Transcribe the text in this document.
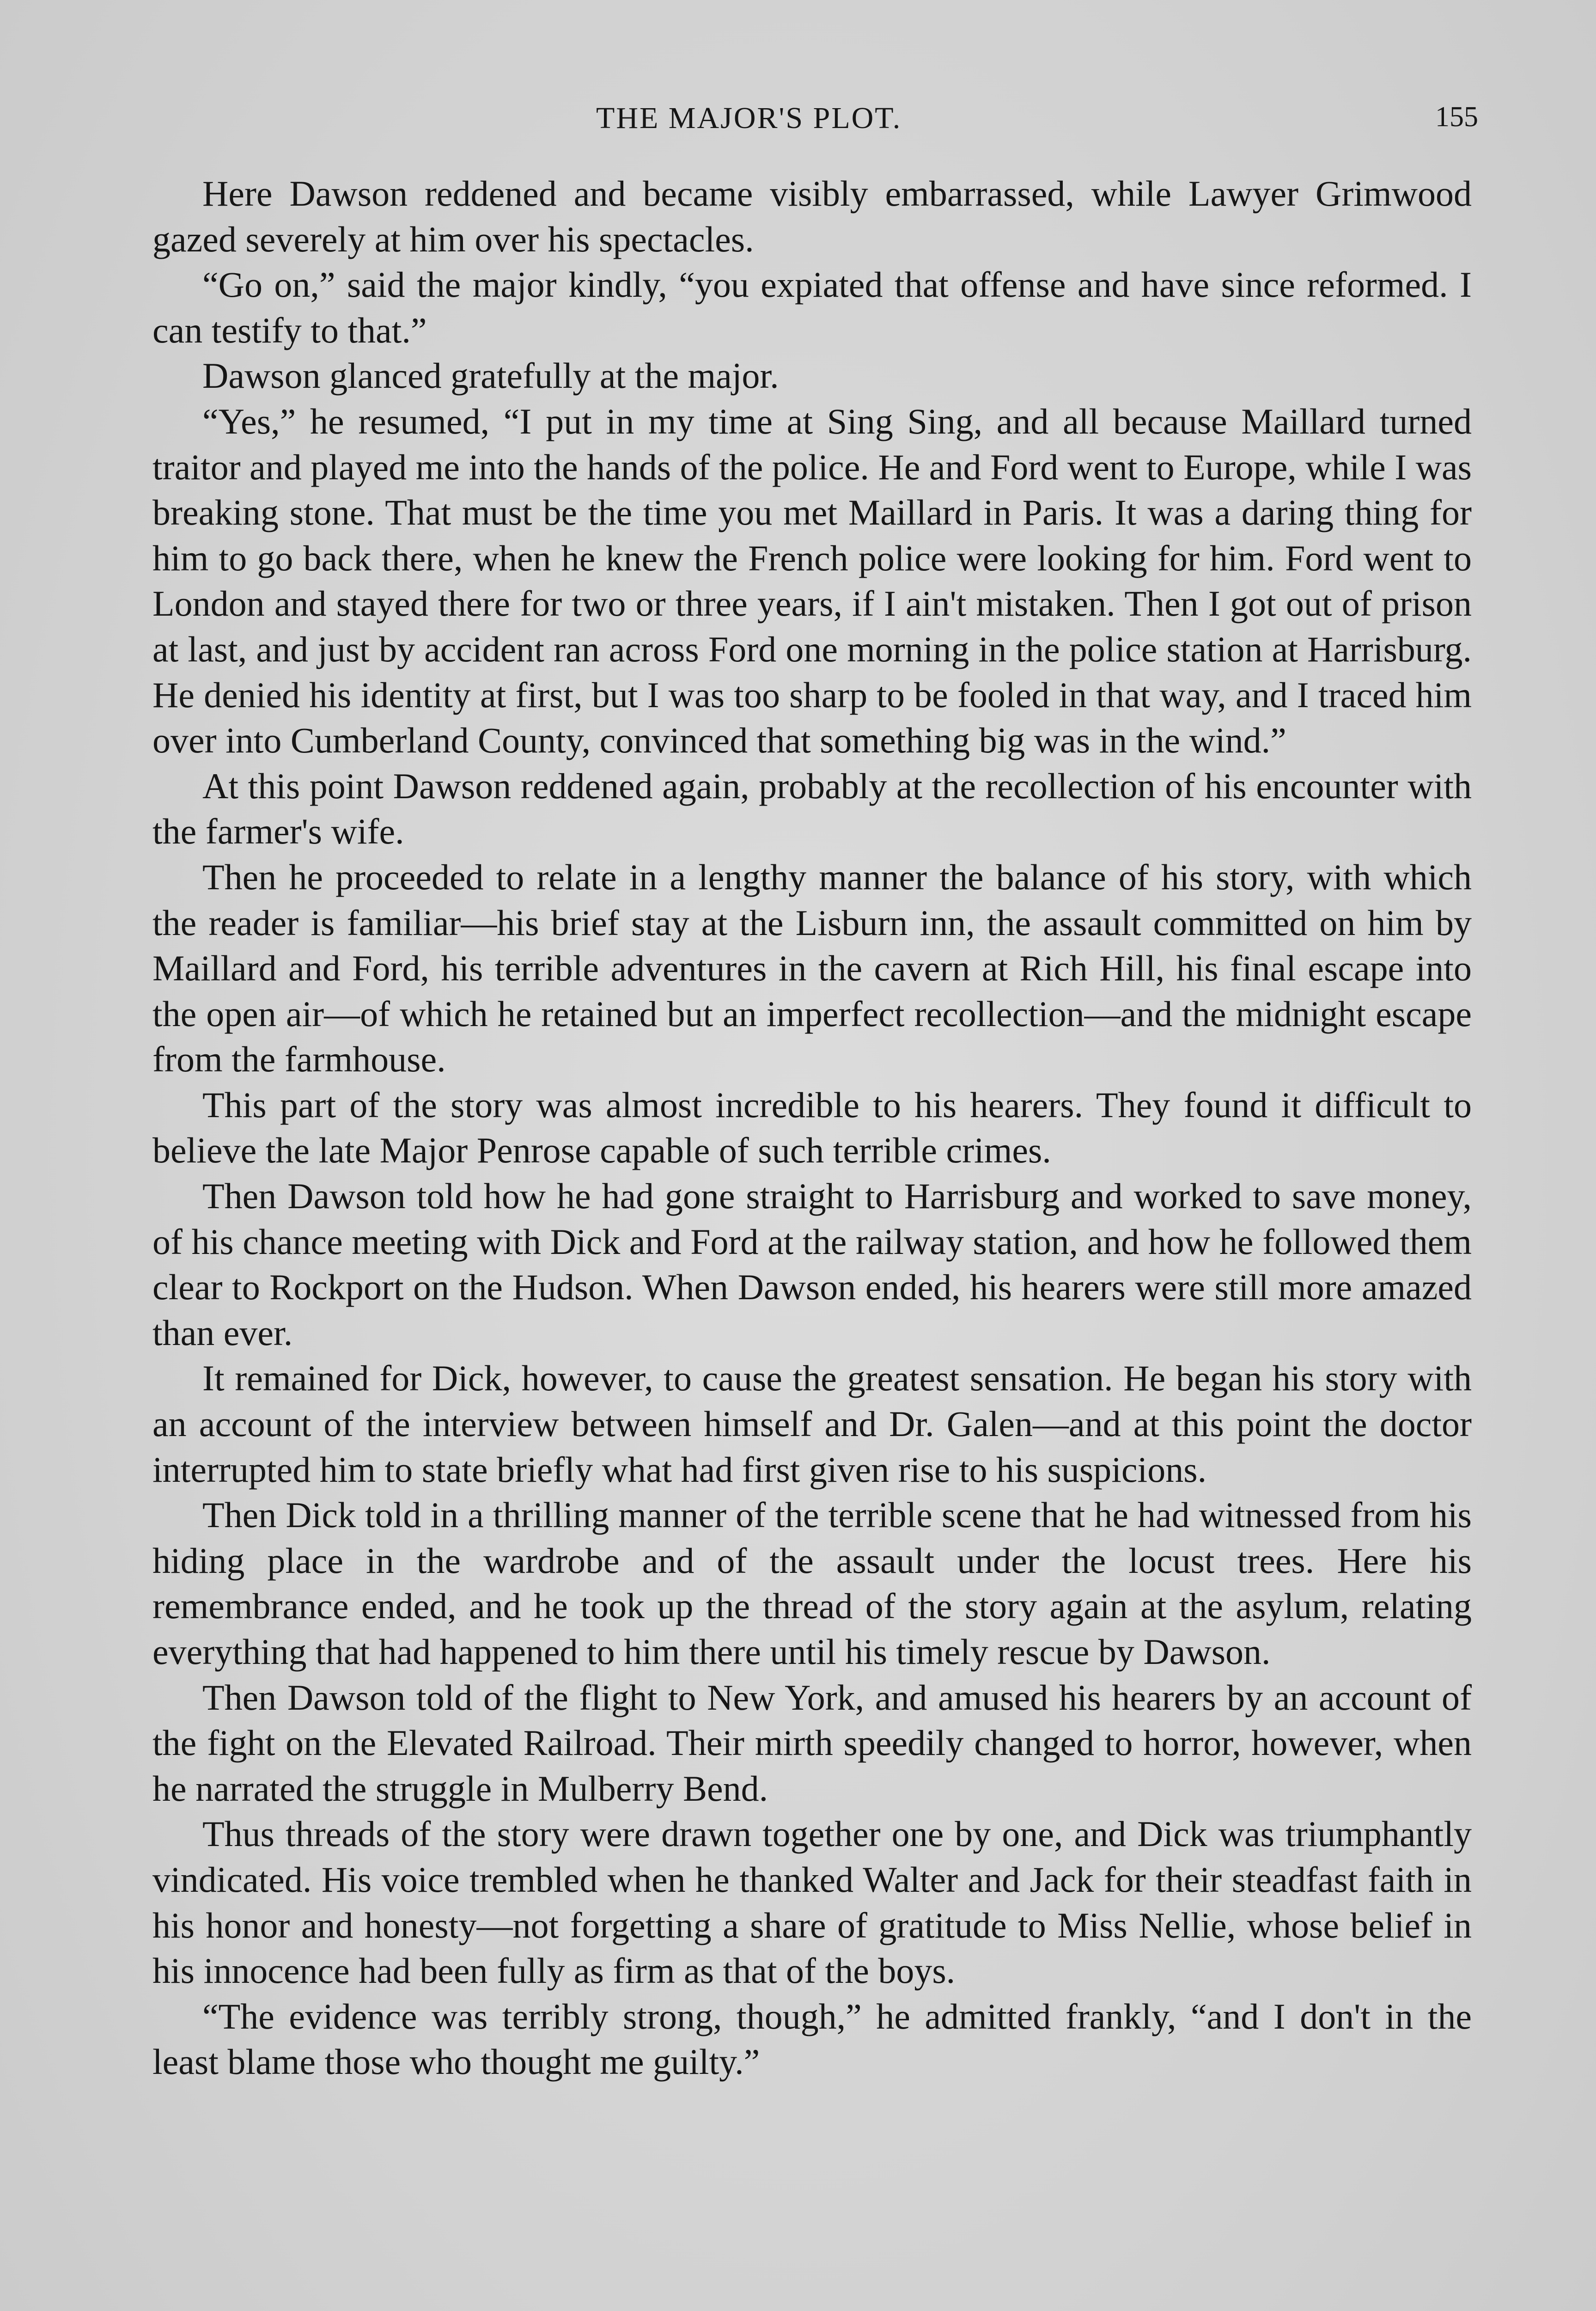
THE MAJOR'S PLOT.	155

Here Dawson reddened and became visibly embarrassed, while Lawyer Grimwood gazed severely at him over his spectacles.

“Go on,” said the major kindly, “you expiated that offense and have since reformed. I can testify to that.”

Dawson glanced gratefully at the major.

“Yes,” he resumed, “I put in my time at Sing Sing, and all because Maillard turned traitor and played me into the hands of the police. He and Ford went to Europe, while I was breaking stone. That must be the time you met Maillard in Paris. It was a daring thing for him to go back there, when he knew the French police were looking for him. Ford went to London and stayed there for two or three years, if I ain't mistaken. Then I got out of prison at last, and just by accident ran across Ford one morning in the police station at Harrisburg. He denied his identity at first, but I was too sharp to be fooled in that way, and I traced him over into Cumberland County, convinced that something big was in the wind.”

At this point Dawson reddened again, probably at the recollection of his encounter with the farmer's wife.

Then he proceeded to relate in a lengthy manner the balance of his story, with which the reader is familiar—his brief stay at the Lisburn inn, the assault committed on him by Maillard and Ford, his terrible adventures in the cavern at Rich Hill, his final escape into the open air—of which he retained but an imperfect recollection—and the midnight escape from the farmhouse.

This part of the story was almost incredible to his hearers. They found it difficult to believe the late Major Penrose capable of such terrible crimes.

Then Dawson told how he had gone straight to Harrisburg and worked to save money, of his chance meeting with Dick and Ford at the railway station, and how he followed them clear to Rockport on the Hudson. When Dawson ended, his hearers were still more amazed than ever.

It remained for Dick, however, to cause the greatest sensation. He began his story with an account of the interview between himself and Dr. Galen—and at this point the doctor interrupted him to state briefly what had first given rise to his suspicions.

Then Dick told in a thrilling manner of the terrible scene that he had witnessed from his hiding place in the wardrobe and of the assault under the locust trees. Here his remembrance ended, and he took up the thread of the story again at the asylum, relating everything that had happened to him there until his timely rescue by Dawson.

Then Dawson told of the flight to New York, and amused his hearers by an account of the fight on the Elevated Railroad. Their mirth speedily changed to horror, however, when he narrated the struggle in Mulberry Bend.

Thus threads of the story were drawn together one by one, and Dick was triumphantly vindicated. His voice trembled when he thanked Walter and Jack for their steadfast faith in his honor and honesty—not forgetting a share of gratitude to Miss Nellie, whose belief in his innocence had been fully as firm as that of the boys.

“The evidence was terribly strong, though,” he admitted frankly, “and I don't in the least blame those who thought me guilty.”
